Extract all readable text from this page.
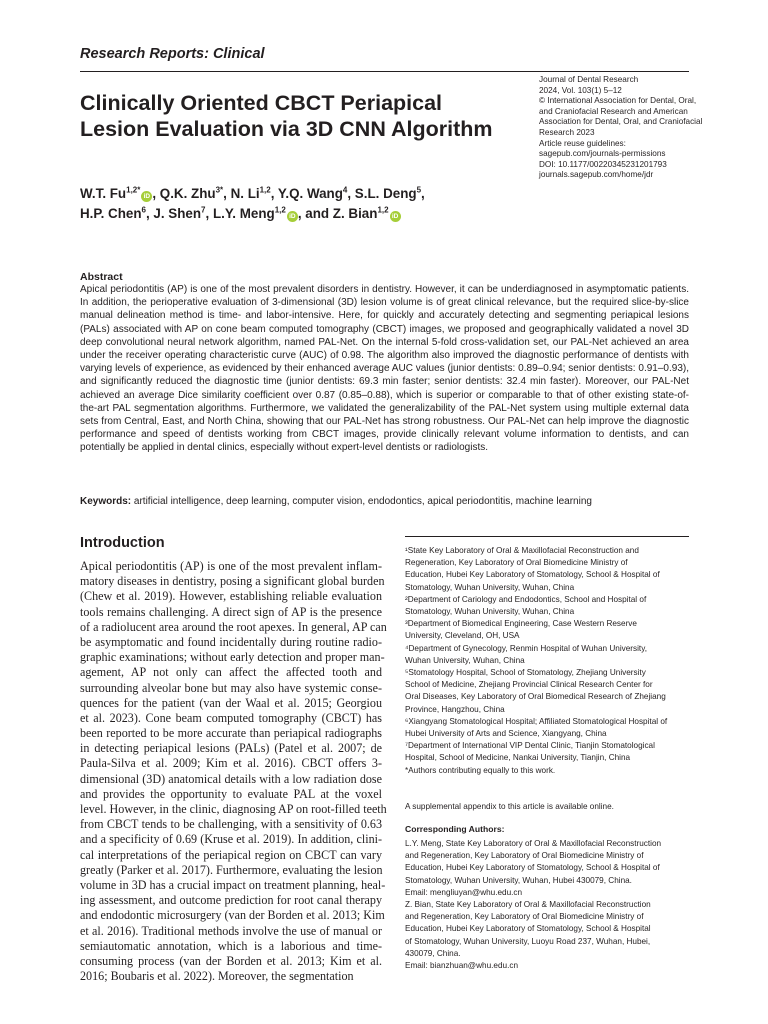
Research Reports: Clinical
Clinically Oriented CBCT Periapical
Lesion Evaluation via 3D CNN Algorithm
Journal of Dental Research
2024, Vol. 103(1) 5–12
© International Association for Dental, Oral,
and Craniofacial Research and American
Association for Dental, Oral, and Craniofacial
Research 2023
Article reuse guidelines:
sagepub.com/journals-permissions
DOI: 10.1177/00220345231201793
journals.sagepub.com/home/jdr
W.T. $Fu^{1,2*}iD$ , Q.K. Zhu$^{3*}$, N. Li$^{1,2}$, Y.Q. Wang$^4$, S.L. Deng$^5$,
H.P. Chen$^6$, J. Shen$^7$, L.Y. Meng$^{1,2}$iD , and Z. Bian$^{1,2}$iD
Abstract
Apical periodontitis (AP) is one of the most prevalent disorders in dentistry. However, it can be underdiagnosed in asymptomatic patients. In addition, the perioperative evaluation of 3-dimensional (3D) lesion volume is of great clinical relevance, but the required slice-by-slice manual delineation method is time- and labor-intensive. Here, for quickly and accurately detecting and segmenting periapical lesions (PALs) associated with AP on cone beam computed tomography (CBCT) images, we proposed and geographically validated a novel 3D deep convolutional neural network algorithm, named PAL-Net. On the internal 5-fold cross-validation set, our PAL-Net achieved an area under the receiver operating characteristic curve (AUC) of 0.98. The algorithm also improved the diagnostic performance of dentists with varying levels of experience, as evidenced by their enhanced average AUC values (junior dentists: 0.89–0.94; senior dentists: 0.91–0.93), and significantly reduced the diagnostic time (junior dentists: 69.3 min faster; senior dentists: 32.4 min faster). Moreover, our PAL-Net achieved an average Dice similarity coefficient over 0.87 (0.85–0.88), which is superior or comparable to that of other existing state-of-the-art PAL segmentation algorithms. Furthermore, we validated the generalizability of the PAL-Net system using multiple external data sets from Central, East, and North China, showing that our PAL-Net has strong robustness. Our PAL-Net can help improve the diagnostic performance and speed of dentists working from CBCT images, provide clinically relevant volume information to dentists, and can potentially be applied in dental clinics, especially without expert-level dentists or radiologists.
Keywords: artificial intelligence, deep learning, computer vision, endodontics, apical periodontitis, machine learning
Introduction
Apical periodontitis (AP) is one of the most prevalent inflam-
matory diseases in dentistry, posing a significant global burden
(Chew et al. 2019). However, establishing reliable evaluation
tools remains challenging. A direct sign of AP is the presence
of a radiolucent area around the root apexes. In general, AP can
be asymptomatic and found incidentally during routine radio-
graphic examinations; without early detection and proper man-
agement, AP not only can affect the affected tooth and
surrounding alveolar bone but may also have systemic conse-
quences for the patient (van der Waal et al. 2015; Georgiou
et al. 2023). Cone beam computed tomography (CBCT) has
been reported to be more accurate than periapical radiographs
in detecting periapical lesions (PALs) (Patel et al. 2007; de
Paula-Silva et al. 2009; Kim et al. 2016). CBCT offers 3-
dimensional (3D) anatomical details with a low radiation dose
and provides the opportunity to evaluate PAL at the voxel
level. However, in the clinic, diagnosing AP on root-filled teeth
from CBCT tends to be challenging, with a sensitivity of 0.63
and a specificity of 0.69 (Kruse et al. 2019). In addition, clini-
cal interpretations of the periapical region on CBCT can vary
greatly (Parker et al. 2017). Furthermore, evaluating the lesion
volume in 3D has a crucial impact on treatment planning, heal-
ing assessment, and outcome prediction for root canal therapy
and endodontic microsurgery (van der Borden et al. 2013; Kim
et al. 2016). Traditional methods involve the use of manual or
semiautomatic annotation, which is a laborious and time-
consuming process (van der Borden et al. 2013; Kim et al.
2016; Boubaris et al. 2022). Moreover, the segmentation
¹State Key Laboratory of Oral & Maxillofacial Reconstruction and
Regeneration, Key Laboratory of Oral Biomedicine Ministry of
Education, Hubei Key Laboratory of Stomatology, School & Hospital of
Stomatology, Wuhan University, Wuhan, China
²Department of Cariology and Endodontics, School and Hospital of
Stomatology, Wuhan University, Wuhan, China
³Department of Biomedical Engineering, Case Western Reserve
University, Cleveland, OH, USA
⁴Department of Gynecology, Renmin Hospital of Wuhan University,
Wuhan University, Wuhan, China
⁵Stomatology Hospital, School of Stomatology, Zhejiang University
School of Medicine, Zhejiang Provincial Clinical Research Center for
Oral Diseases, Key Laboratory of Oral Biomedical Research of Zhejiang
Province, Hangzhou, China
⁶Xiangyang Stomatological Hospital; Affiliated Stomatological Hospital of
Hubei University of Arts and Science, Xiangyang, China
⁷Department of International VIP Dental Clinic, Tianjin Stomatological
Hospital, School of Medicine, Nankai University, Tianjin, China
*Authors contributing equally to this work.
A supplemental appendix to this article is available online.
Corresponding Authors:
L.Y. Meng, State Key Laboratory of Oral & Maxillofacial Reconstruction
and Regeneration, Key Laboratory of Oral Biomedicine Ministry of
Education, Hubei Key Laboratory of Stomatology, School & Hospital of
Stomatology, Wuhan University, Wuhan, Hubei 430079, China.
Email: mengliuyan@whu.edu.cn
Z. Bian, State Key Laboratory of Oral & Maxillofacial Reconstruction
and Regeneration, Key Laboratory of Oral Biomedicine Ministry of
Education, Hubei Key Laboratory of Stomatology, School & Hospital
of Stomatology, Wuhan University, Luoyu Road 237, Wuhan, Hubei,
430079, China.
Email: bianzhuan@whu.edu.cn
